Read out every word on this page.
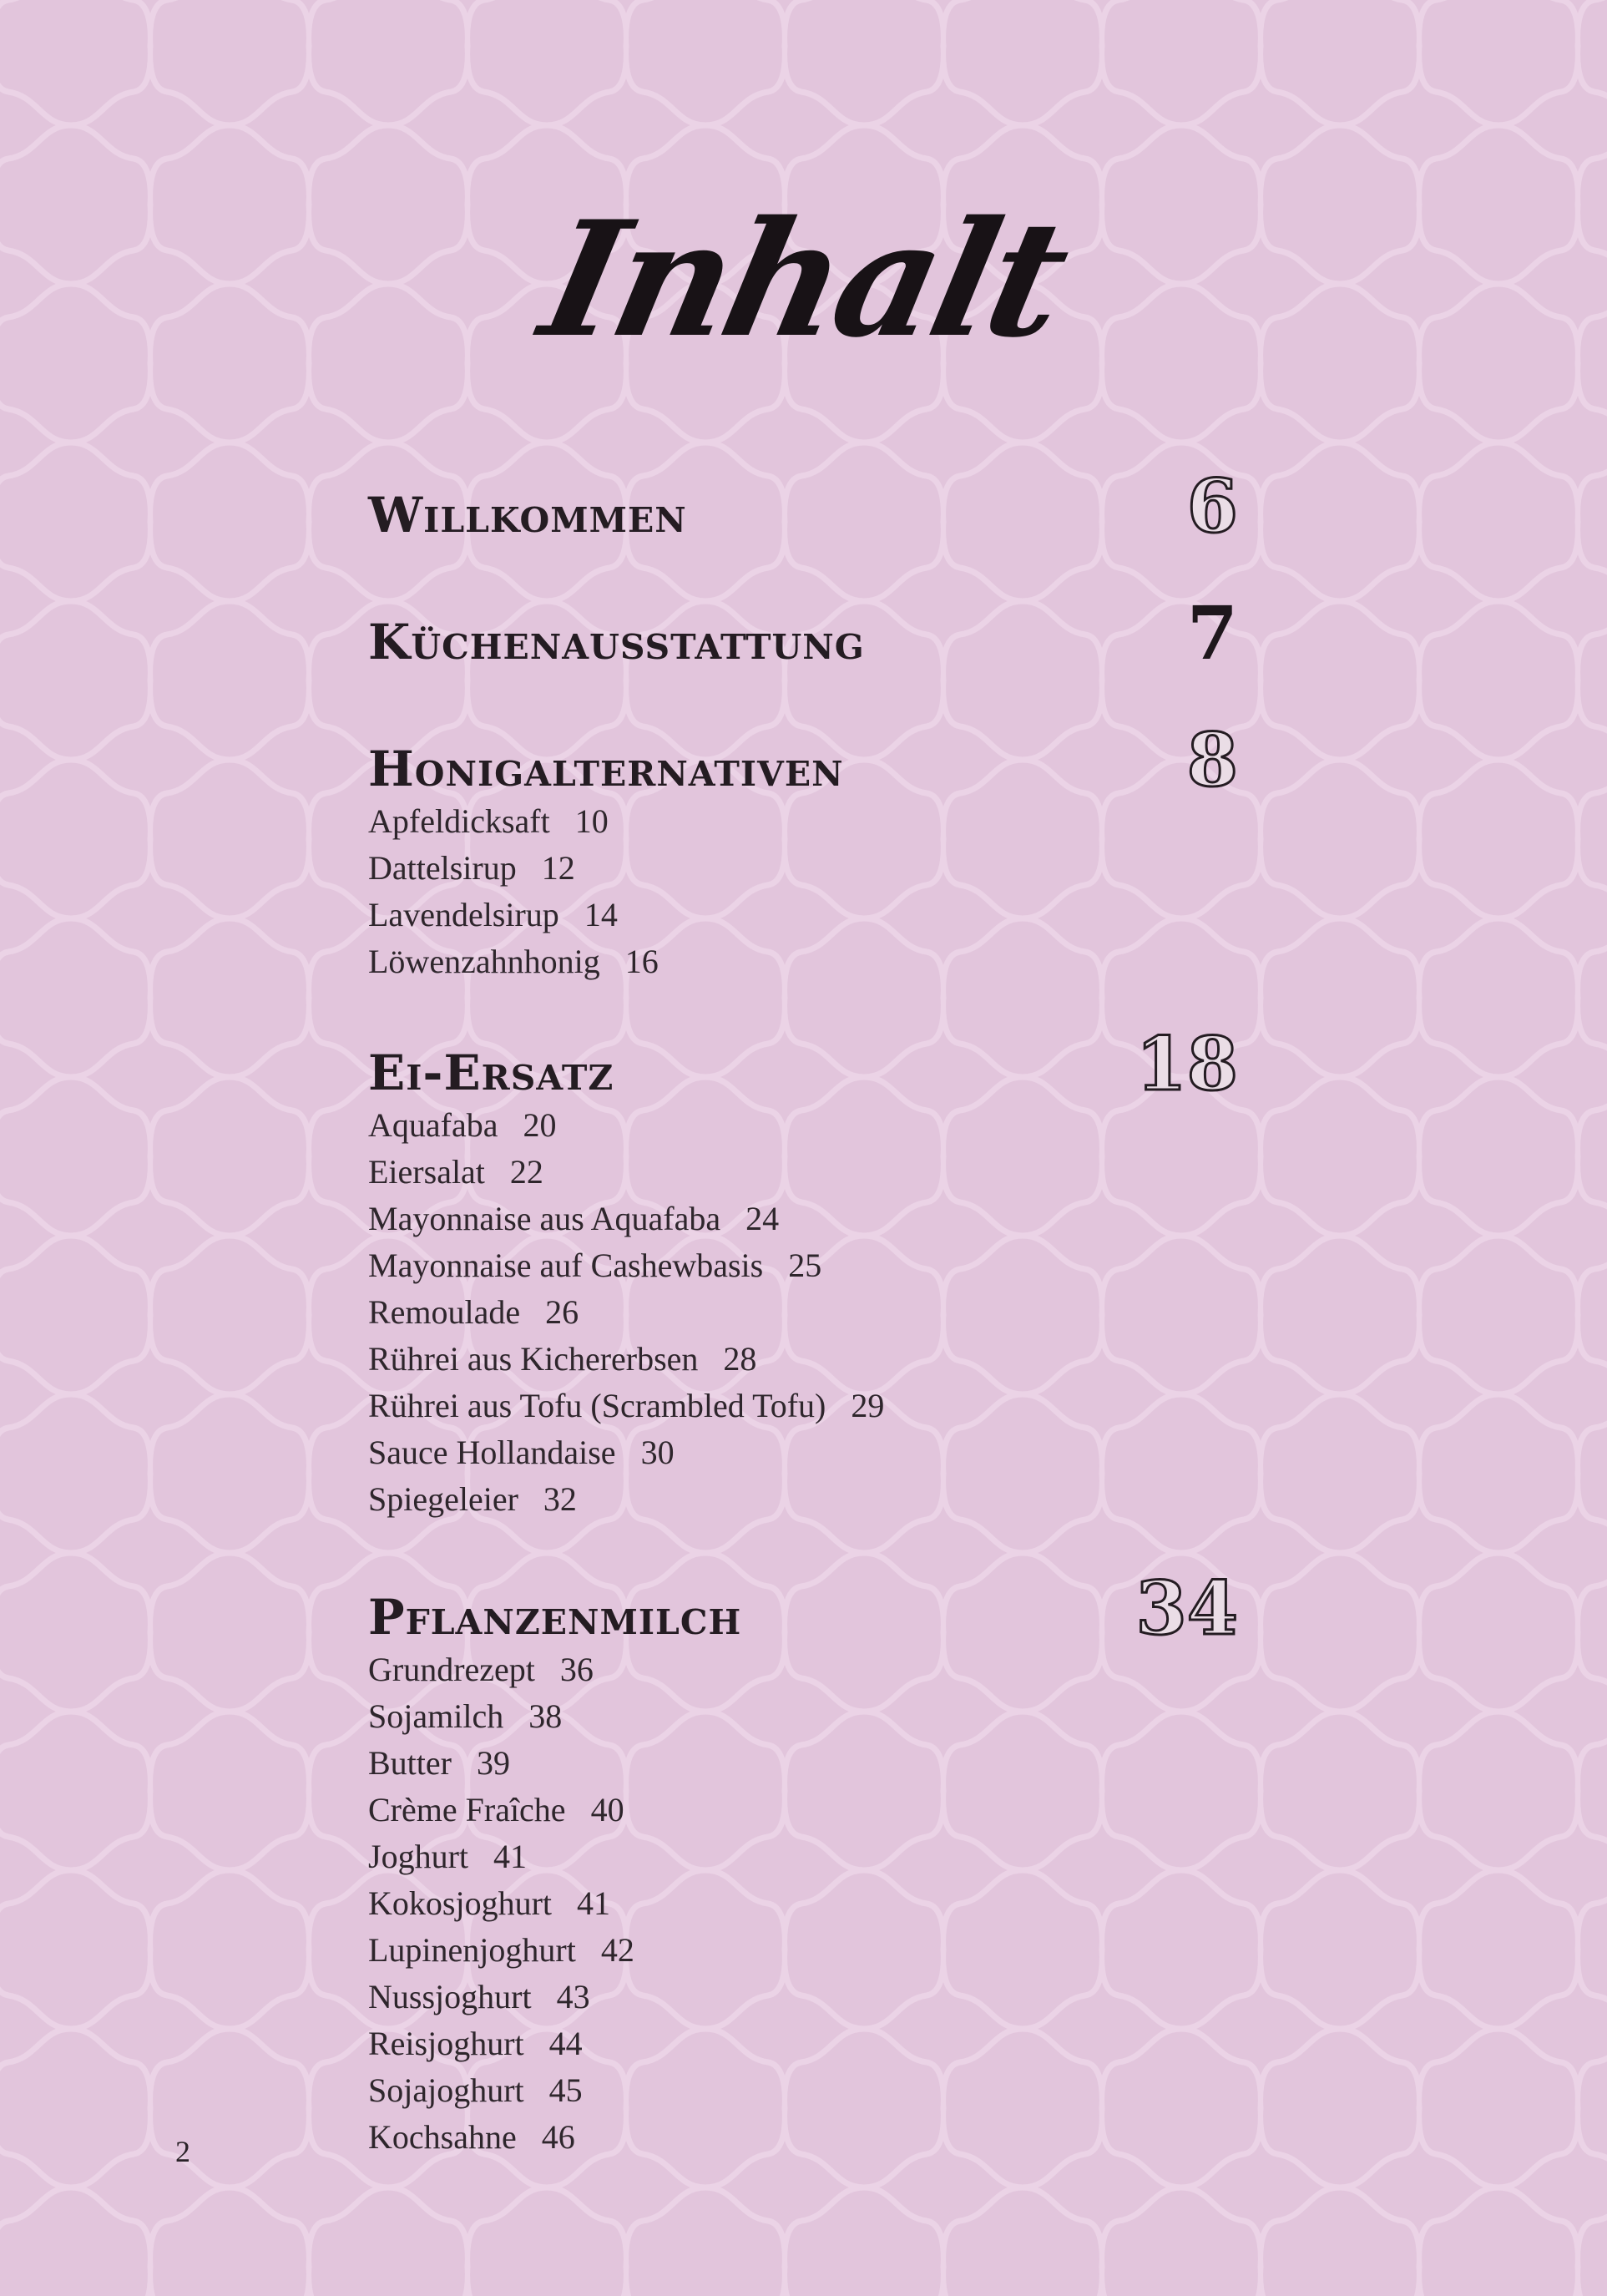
Inhalt
Willkommen	6
Küchenausstattung	7
Honigalternativen	8
Apfeldicksaft 10
Dattelsirup 12
Lavendelsirup 14
Löwenzahnhonig 16
Ei-Ersatz	18
Aquafaba 20
Eiersalat 22
Mayonnaise aus Aquafaba 24
Mayonnaise auf Cashewbasis 25
Remoulade 26
Rührei aus Kichererbsen 28
Rührei aus Tofu (Scrambled Tofu) 29
Sauce Hollandaise 30
Spiegeleier 32
Pflanzenmilch	34
Grundrezept 36
Sojamilch 38
Butter 39
Crème Fraîche 40
Joghurt 41
Kokosjoghurt 41
Lupinenjoghurt 42
Nussjoghurt 43
Reisjoghurt 44
Sojajoghurt 45
Kochsahne 46
2
